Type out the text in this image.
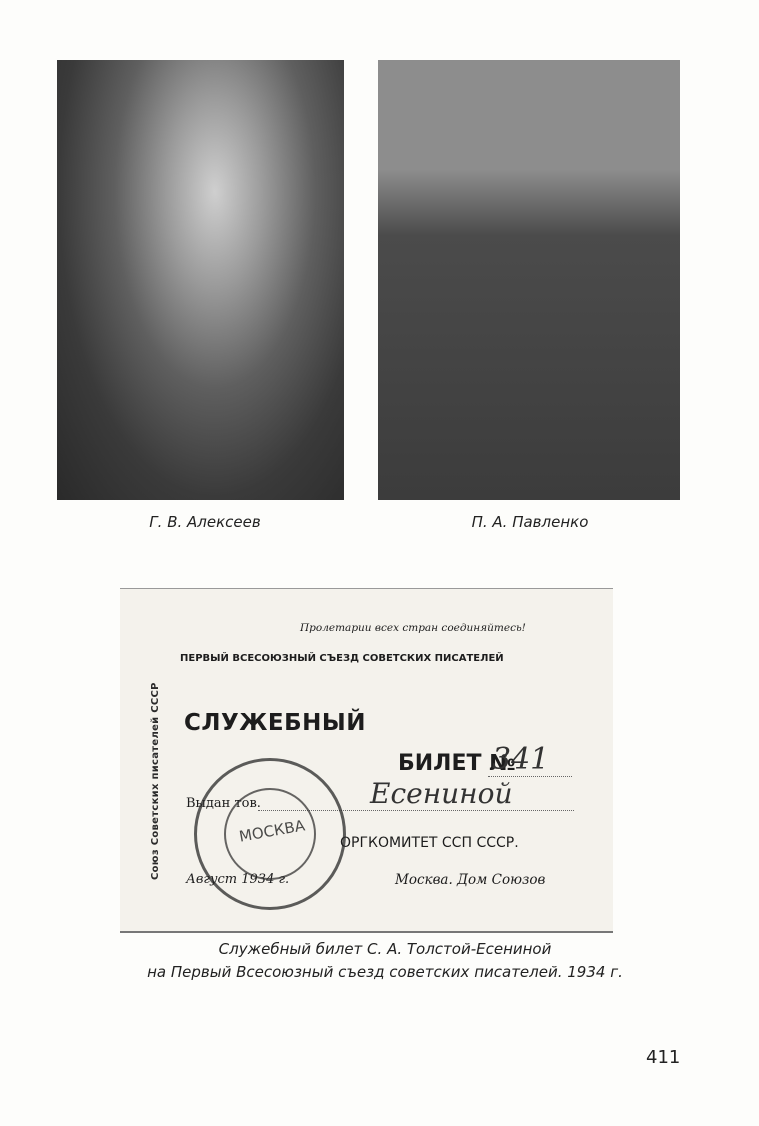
Г. В. Алексеев	П. А. Павленко
Союз Советских писателей СССР
Пролетарии всех стран соединяйтесь!
ПЕРВЫЙ ВСЕСОЮЗНЫЙ СЪЕЗД СОВЕТСКИХ ПИСАТЕЛЕЙ
СЛУЖЕБНЫЙ
БИЛЕТ №
341
Выдан тов.	Есениной
ОРГКОМИТЕТ ССП СССР.
Август 1934 г.	Москва. Дом Союзов
МОСКВА
Служебный билет С. А. Толстой-Есениной
на Первый Всесоюзный съезд советских писателей. 1934 г.
411
